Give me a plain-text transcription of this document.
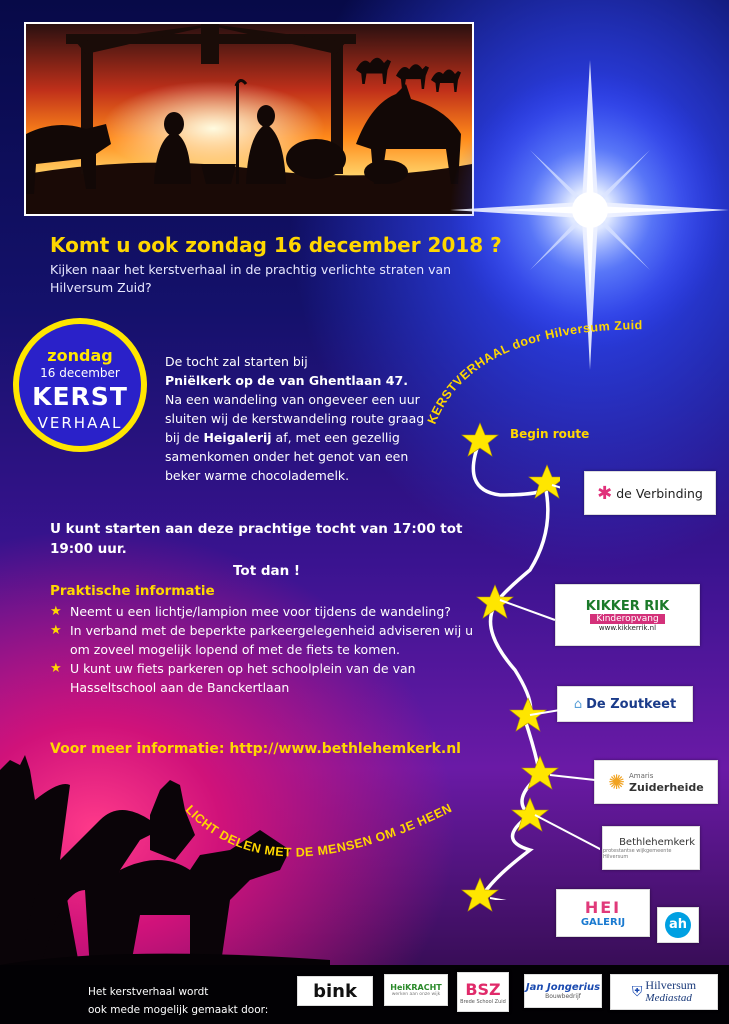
Komt u ook zondag 16 december 2018 ?
Kijken naar het kerstverhaal in de prachtig verlichte straten van Hilversum Zuid?
KERSTVERHAAL door Hilversum Zuid
zondag
16 december
KERST
VERHAAL
De tocht zal starten bij
Pniëlkerk op de van Ghentlaan 47.
Na een wandeling van ongeveer een uur sluiten wij de kerstwandeling route graag bij de Heigalerij af, met een gezellig samenkomen onder het genot van een beker warme chocolademelk.
U kunt starten aan deze prachtige tocht van 17:00 tot 19:00 uur.
Tot dan !
Praktische informatie
★ Neemt u een lichtje/lampion mee voor tijdens de wandeling?
★ In verband met de beperkte parkeergelegenheid adviseren wij u om zoveel mogelijk lopend of met de fiets te komen.
★ U kunt uw fiets parkeren op het schoolplein van de van Hasseltschool aan de Banckertlaan
Voor meer informatie: http://www.bethlehemkerk.nl
Begin route
✱ de Verbinding
KIKKER RIK
Kinderopvang
www.kikkerrik.nl
⌂ De Zoutkeet
✺ Amaris
Zuiderheide
Bethlehemkerk
protestantse wijkgemeente Hilversum
HEI
GALERIJ	ah
LICHT DELEN MET DE MENSEN OM JE HEEN
Het kerstverhaal wordt
ook mede mogelijk gemaakt door:
bink	HeiKRACHT
werken aan onze wijk BSZ
Brede School Zuid
Jan Jongerius
Bouwbedrijf	⛨ Hilversum
Mediastad
